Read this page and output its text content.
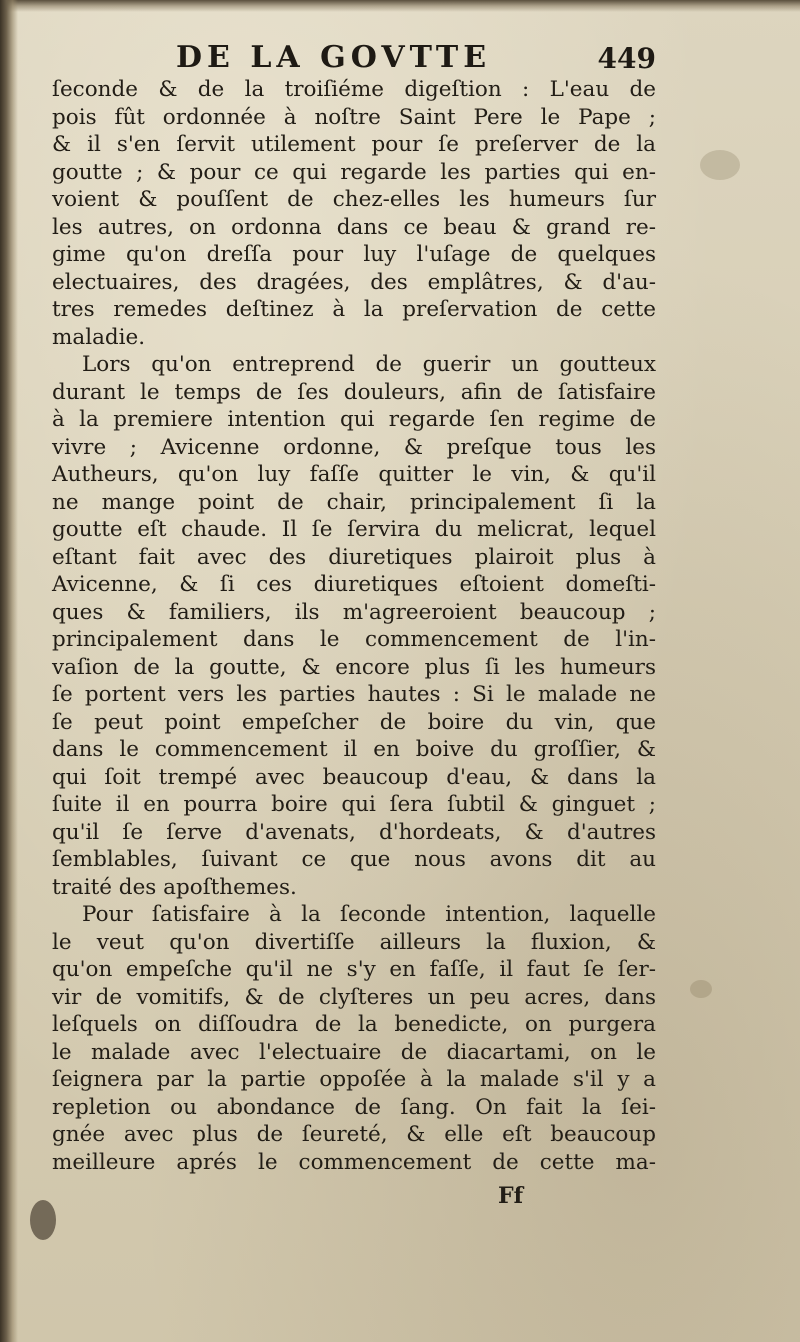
DE LA GOVTTE	449
ſeconde & de la troiſiéme digeſtion : L'eau de
pois fût ordonnée à noſtre Saint Pere le Pape ;
& il s'en ſervit utilement pour ſe preſerver de la
goutte ; & pour ce qui regarde les parties qui en-
voient & pouſſent de chez-elles les humeurs ſur
les autres, on ordonna dans ce beau & grand re-
gime qu'on dreſſa pour luy l'uſage de quelques
electuaires, des dragées, des emplâtres, & d'au-
tres remedes deſtinez à la preſervation de cette
maladie.
Lors qu'on entreprend de guerir un goutteux
durant le temps de ſes douleurs, afin de ſatisfaire
à la premiere intention qui regarde ſen regime de
vivre ; Avicenne ordonne, & preſque tous les
Autheurs, qu'on luy faſſe quitter le vin, & qu'il
ne mange point de chair, principalement ſi la
goutte eſt chaude. Il ſe ſervira du melicrat, lequel
eſtant fait avec des diuretiques plairoit plus à
Avicenne, & ſi ces diuretiques eſtoient domeſti-
ques & familiers, ils m'agreeroient beaucoup ;
principalement dans le commencement de l'in-
vaſion de la goutte, & encore plus ſi les humeurs
ſe portent vers les parties hautes : Si le malade ne
ſe peut point empeſcher de boire du vin, que
dans le commencement il en boive du groſſier, &
qui ſoit trempé avec beaucoup d'eau, & dans la
ſuite il en pourra boire qui ſera ſubtil & ginguet ;
qu'il ſe ſerve d'avenats, d'hordeats, & d'autres
ſemblables, ſuivant ce que nous avons dit au
traité des apoſthemes.
Pour ſatisfaire à la ſeconde intention, laquelle
le veut qu'on divertiſſe ailleurs la fluxion, &
qu'on empeſche qu'il ne s'y en faſſe, il faut ſe ſer-
vir de vomitifs, & de clyſteres un peu acres, dans
leſquels on diſſoudra de la benedicte, on purgera
le malade avec l'electuaire de diacartami, on le
ſeignera par la partie oppoſée à la malade s'il y a
repletion ou abondance de ſang. On fait la ſei-
gnée avec plus de ſeureté, & elle eſt beaucoup
meilleure aprés le commencement de cette ma-
Ff
